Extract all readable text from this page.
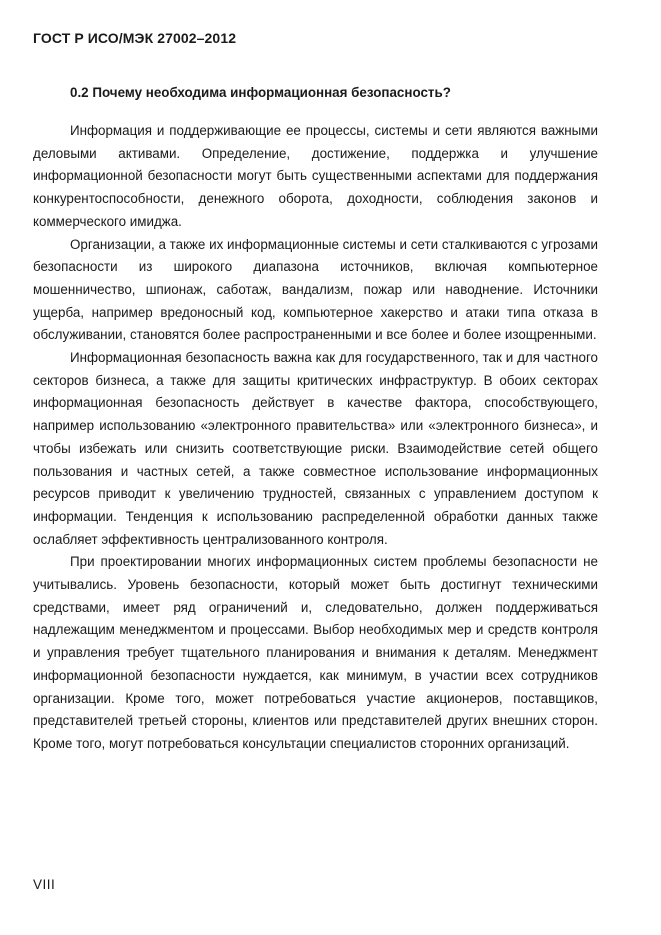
ГОСТ Р ИСО/МЭК 27002–2012
0.2 Почему необходима информационная безопасность?

Информация и поддерживающие ее процессы, системы и сети являются важными деловыми активами. Определение, достижение, поддержка и улучшение информационной безопасности могут быть существенными аспектами для поддержания конкурентоспособности, денежного оборота, доходности, соблюдения законов и коммерческого имиджа.

Организации, а также их информационные системы и сети сталкиваются с угрозами безопасности из широкого диапазона источников, включая компьютерное мошенничество, шпионаж, саботаж, вандализм, пожар или наводнение. Источники ущерба, например вредоносный код, компьютерное хакерство и атаки типа отказа в обслуживании, становятся более распространенными и все более и более изощренными.

Информационная безопасность важна как для государственного, так и для частного секторов бизнеса, а также для защиты критических инфраструктур. В обоих секторах информационная безопасность действует в качестве фактора, способствующего, например использованию «электронного правительства» или «электронного бизнеса», и чтобы избежать или снизить соответствующие риски. Взаимодействие сетей общего пользования и частных сетей, а также совместное использование информационных ресурсов приводит к увеличению трудностей, связанных с управлением доступом к информации. Тенденция к использованию распределенной обработки данных также ослабляет эффективность централизованного контроля.

При проектировании многих информационных систем проблемы безопасности не учитывались. Уровень безопасности, который может быть достигнут техническими средствами, имеет ряд ограничений и, следовательно, должен поддерживаться надлежащим менеджментом и процессами. Выбор необходимых мер и средств контроля и управления требует тщательного планирования и внимания к деталям. Менеджмент информационной безопасности нуждается, как минимум, в участии всех сотрудников организации. Кроме того, может потребоваться участие акционеров, поставщиков, представителей третьей стороны, клиентов или представителей других внешних сторон. Кроме того, могут потребоваться консультации специалистов сторонних организаций.

VIII
